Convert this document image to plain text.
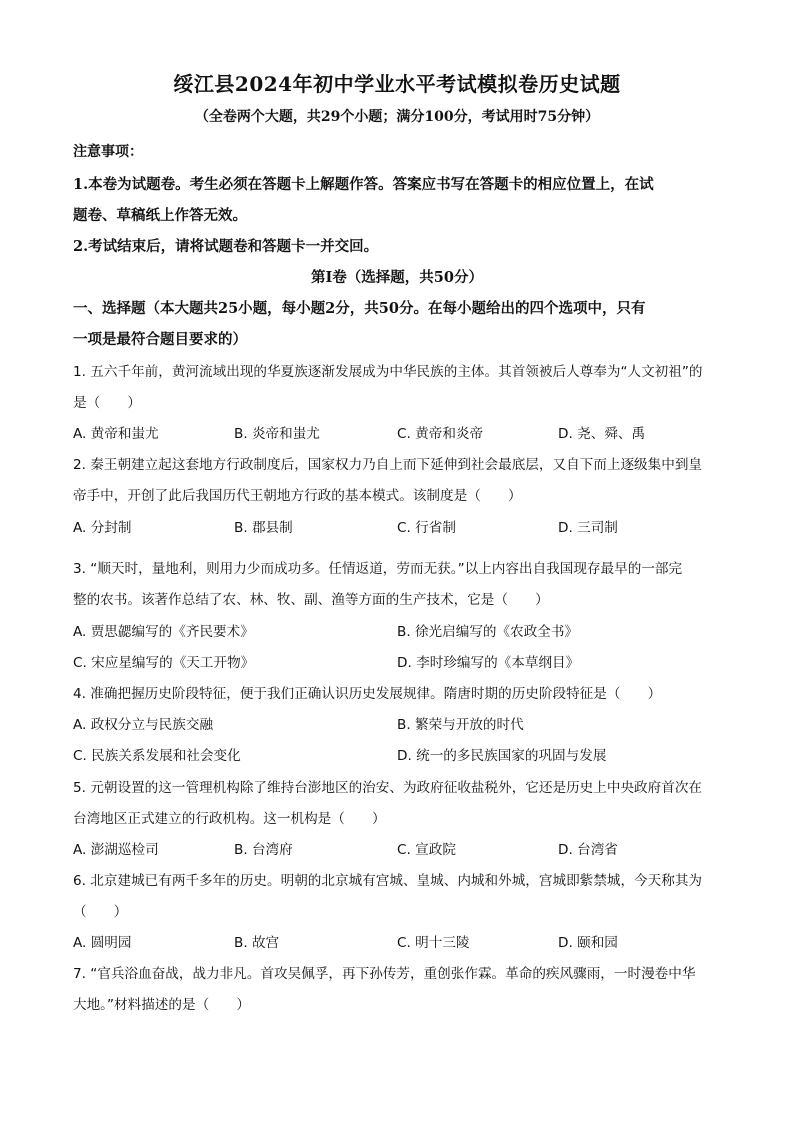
绥江县2024年初中学业水平考试模拟卷历史试题
（全卷两个大题，共29个小题；满分100分，考试用时75分钟）
注意事项：
1.本卷为试题卷。考生必须在答题卡上解题作答。答案应书写在答题卡的相应位置上，在试
题卷、草稿纸上作答无效。
2.考试结束后，请将试题卷和答题卡一并交回。
第Ⅰ卷（选择题，共50分）
一、选择题（本大题共25小题，每小题2分，共50分。在每小题给出的四个选项中，只有
一项是最符合题目要求的）
1. 五六千年前，黄河流域出现的华夏族逐渐发展成为中华民族的主体。其首领被后人尊奉为“人文初祖”的
是（　　）
A. 黄帝和蚩尤	B. 炎帝和蚩尤	C. 黄帝和炎帝	D. 尧、舜、禹
2. 秦王朝建立起这套地方行政制度后，国家权力乃自上而下延伸到社会最底层，又自下而上逐级集中到皇
帝手中，开创了此后我国历代王朝地方行政的基本模式。该制度是（　　）
A. 分封制	B. 郡县制	C. 行省制	D. 三司制
3. “顺天时，量地利，则用力少而成功多。任情返道，劳而无获。”以上内容出自我国现存最早的一部完
整的农书。该著作总结了农、林、牧、副、渔等方面的生产技术，它是（　　）
A. 贾思勰编写的《齐民要术》	B. 徐光启编写的《农政全书》
C. 宋应星编写的《天工开物》	D. 李时珍编写的《本草纲目》
4. 准确把握历史阶段特征，便于我们正确认识历史发展规律。隋唐时期的历史阶段特征是（　　）
A. 政权分立与民族交融	B. 繁荣与开放的时代
C. 民族关系发展和社会变化	D. 统一的多民族国家的巩固与发展
5. 元朝设置的这一管理机构除了维持台澎地区的治安、为政府征收盐税外，它还是历史上中央政府首次在
台湾地区正式建立的行政机构。这一机构是（　　）
A. 澎湖巡检司	B. 台湾府	C. 宣政院	D. 台湾省
6. 北京建城已有两千多年的历史。明朝的北京城有宫城、皇城、内城和外城，宫城即紫禁城，今天称其为
（　　）
A. 圆明园	B. 故宫	C. 明十三陵	D. 颐和园
7. “官兵浴血奋战，战力非凡。首攻吴佩孚，再下孙传芳，重创张作霖。革命的疾风骤雨，一时漫卷中华
大地。”材料描述的是（　　）
